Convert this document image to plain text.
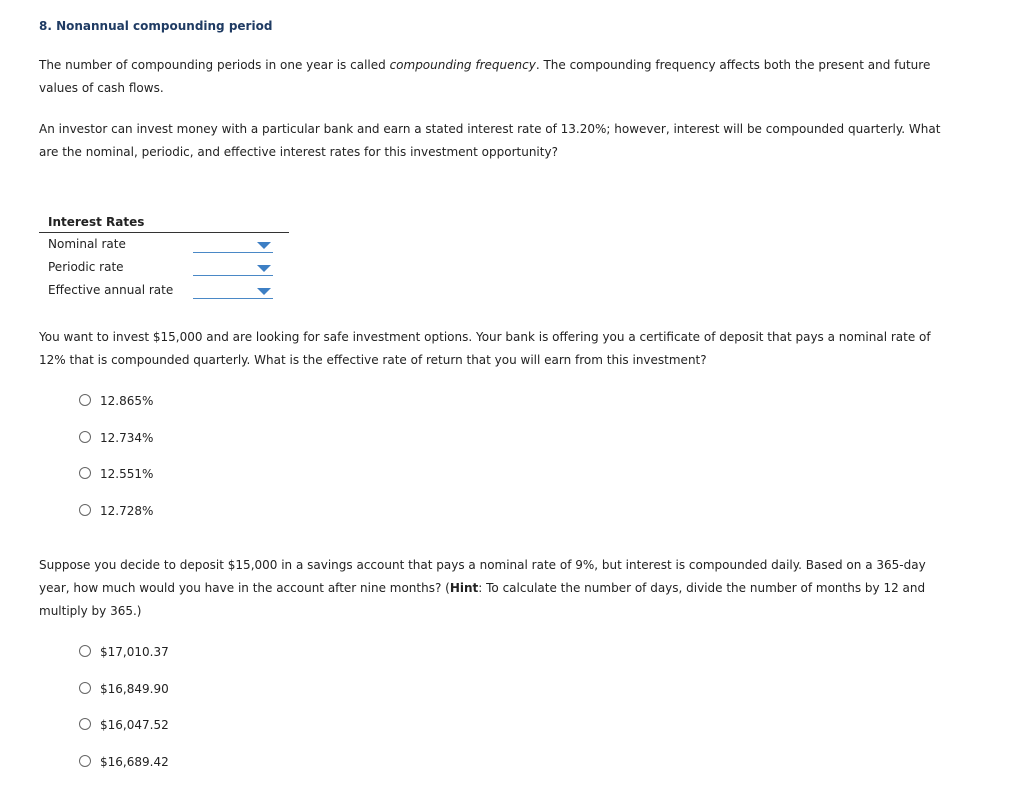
8. Nonannual compounding period
The number of compounding periods in one year is called compounding frequency. The compounding frequency affects both the present and future values of cash flows.
An investor can invest money with a particular bank and earn a stated interest rate of 13.20%; however, interest will be compounded quarterly. What are the nominal, periodic, and effective interest rates for this investment opportunity?
Interest Rates
Nominal rate
Periodic rate
Effective annual rate
You want to invest $15,000 and are looking for safe investment options. Your bank is offering you a certificate of deposit that pays a nominal rate of 12% that is compounded quarterly. What is the effective rate of return that you will earn from this investment?
12.865%
12.734%
12.551%
12.728%
Suppose you decide to deposit $15,000 in a savings account that pays a nominal rate of 9%, but interest is compounded daily. Based on a 365-day year, how much would you have in the account after nine months? (Hint: To calculate the number of days, divide the number of months by 12 and multiply by 365.)
$17,010.37
$16,849.90
$16,047.52
$16,689.42
